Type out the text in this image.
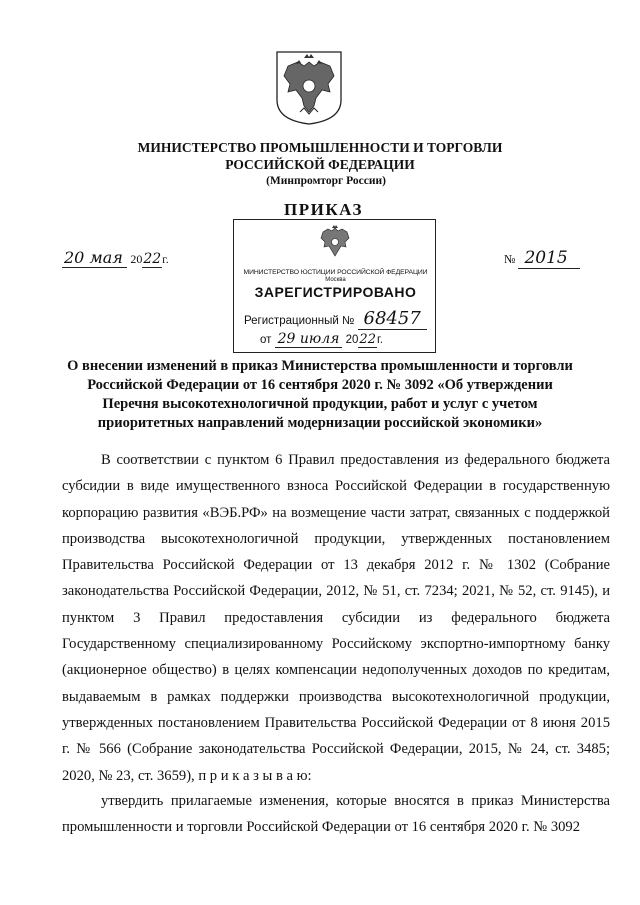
МИНИСТЕРСТВО ПРОМЫШЛЕННОСТИ И ТОРГОВЛИ
РОССИЙСКОЙ ФЕДЕРАЦИИ
(Минпромторг России)
ПРИКАЗ
20 мая 2022г.	№ 2015
МИНИСТЕРСТВО ЮСТИЦИИ РОССИЙСКОЙ ФЕДЕРАЦИИ
Москва
ЗАРЕГИСТРИРОВАНО
Регистрационный № 68457
от 29 июля 2022г.
О внесении изменений в приказ Министерства промышленности и торговли Российской Федерации от 16 сентября 2020 г. № 3092 «Об утверждении Перечня высокотехнологичной продукции, работ и услуг с учетом приоритетных направлений модернизации российской экономики»
В соответствии с пунктом 6 Правил предоставления из федерального бюджета субсидии в виде имущественного взноса Российской Федерации в государственную корпорацию развития «ВЭБ.РФ» на возмещение части затрат, связанных с поддержкой производства высокотехнологичной продукции, утвержденных постановлением Правительства Российской Федерации от 13 декабря 2012 г. № 1302 (Собрание законодательства Российской Федерации, 2012, № 51, ст. 7234; 2021, № 52, ст. 9145), и пунктом 3 Правил предоставления субсидии из федерального бюджета Государственному специализированному Российскому экспортно-импортному банку (акционерное общество) в целях компенсации недополученных доходов по кредитам, выдаваемым в рамках поддержки производства высокотехнологичной продукции, утвержденных постановлением Правительства Российской Федерации от 8 июня 2015 г. № 566 (Собрание законодательства Российской Федерации, 2015, № 24, ст. 3485; 2020, № 23, ст. 3659), п р и к а з ы в а ю:
утвердить прилагаемые изменения, которые вносятся в приказ Министерства промышленности и торговли Российской Федерации от 16 сентября 2020 г. № 3092
